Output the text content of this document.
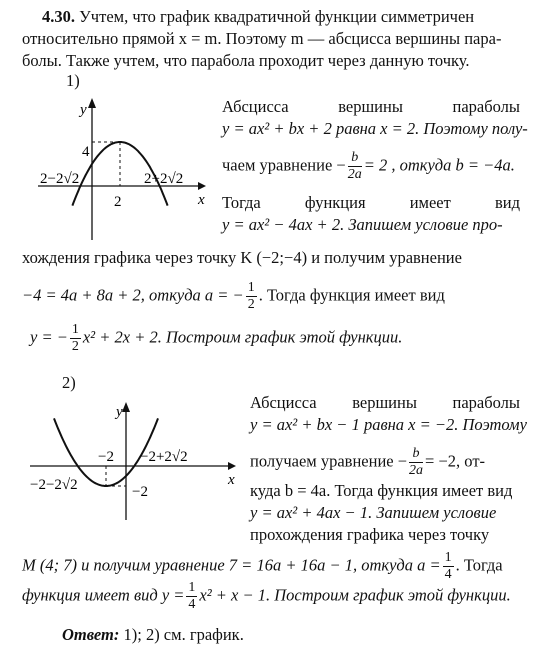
4.30. Учтем, что график квадратичной функции симметричен
относительно прямой x = m. Поэтому m — абсцисса вершины пара-
болы. Также учтем, что парабола проходит через данную точку.
1)
2−2√2	2+2√2
2
4
y
x
Абсцисса вершины параболы
y = ax² + bx + 2 равна x = 2. Поэтому полу-
чаем уравнение − $\frac{b}{2a} = 2$ , откуда b = −4a.
Тогда функция имеет вид
y = ax² − 4ax + 2. Запишем условие про-
хождения графика через точку K (−2;−4) и получим уравнение
−4 = 4a + 8a + 2, откуда a = − $\frac{1}{2}$ . Тогда функция имеет вид
y = − $\frac{1}{2} x^2 + 2x + 2$. Построим график этой функции.
2)
−2
−2
−2−2√2
−2+2√2
y
x
Абсцисса вершины параболы
y = ax² + bx − 1 равна x = −2. Поэтому
получаем уравнение − $\frac{b}{2a} = -2$, от-
куда b = 4a. Тогда функция имеет вид
y = ax² + 4ax − 1. Запишем условие
прохождения графика через точку
M (4; 7) и получим уравнение 7 = 16a + 16a − 1, откуда $a = \frac{1}{4}$ . Тогда
функция имеет вид $y = \frac{1}{4} x^2 + x - 1$. Построим график этой функции.
Ответ: 1); 2) см. график.
